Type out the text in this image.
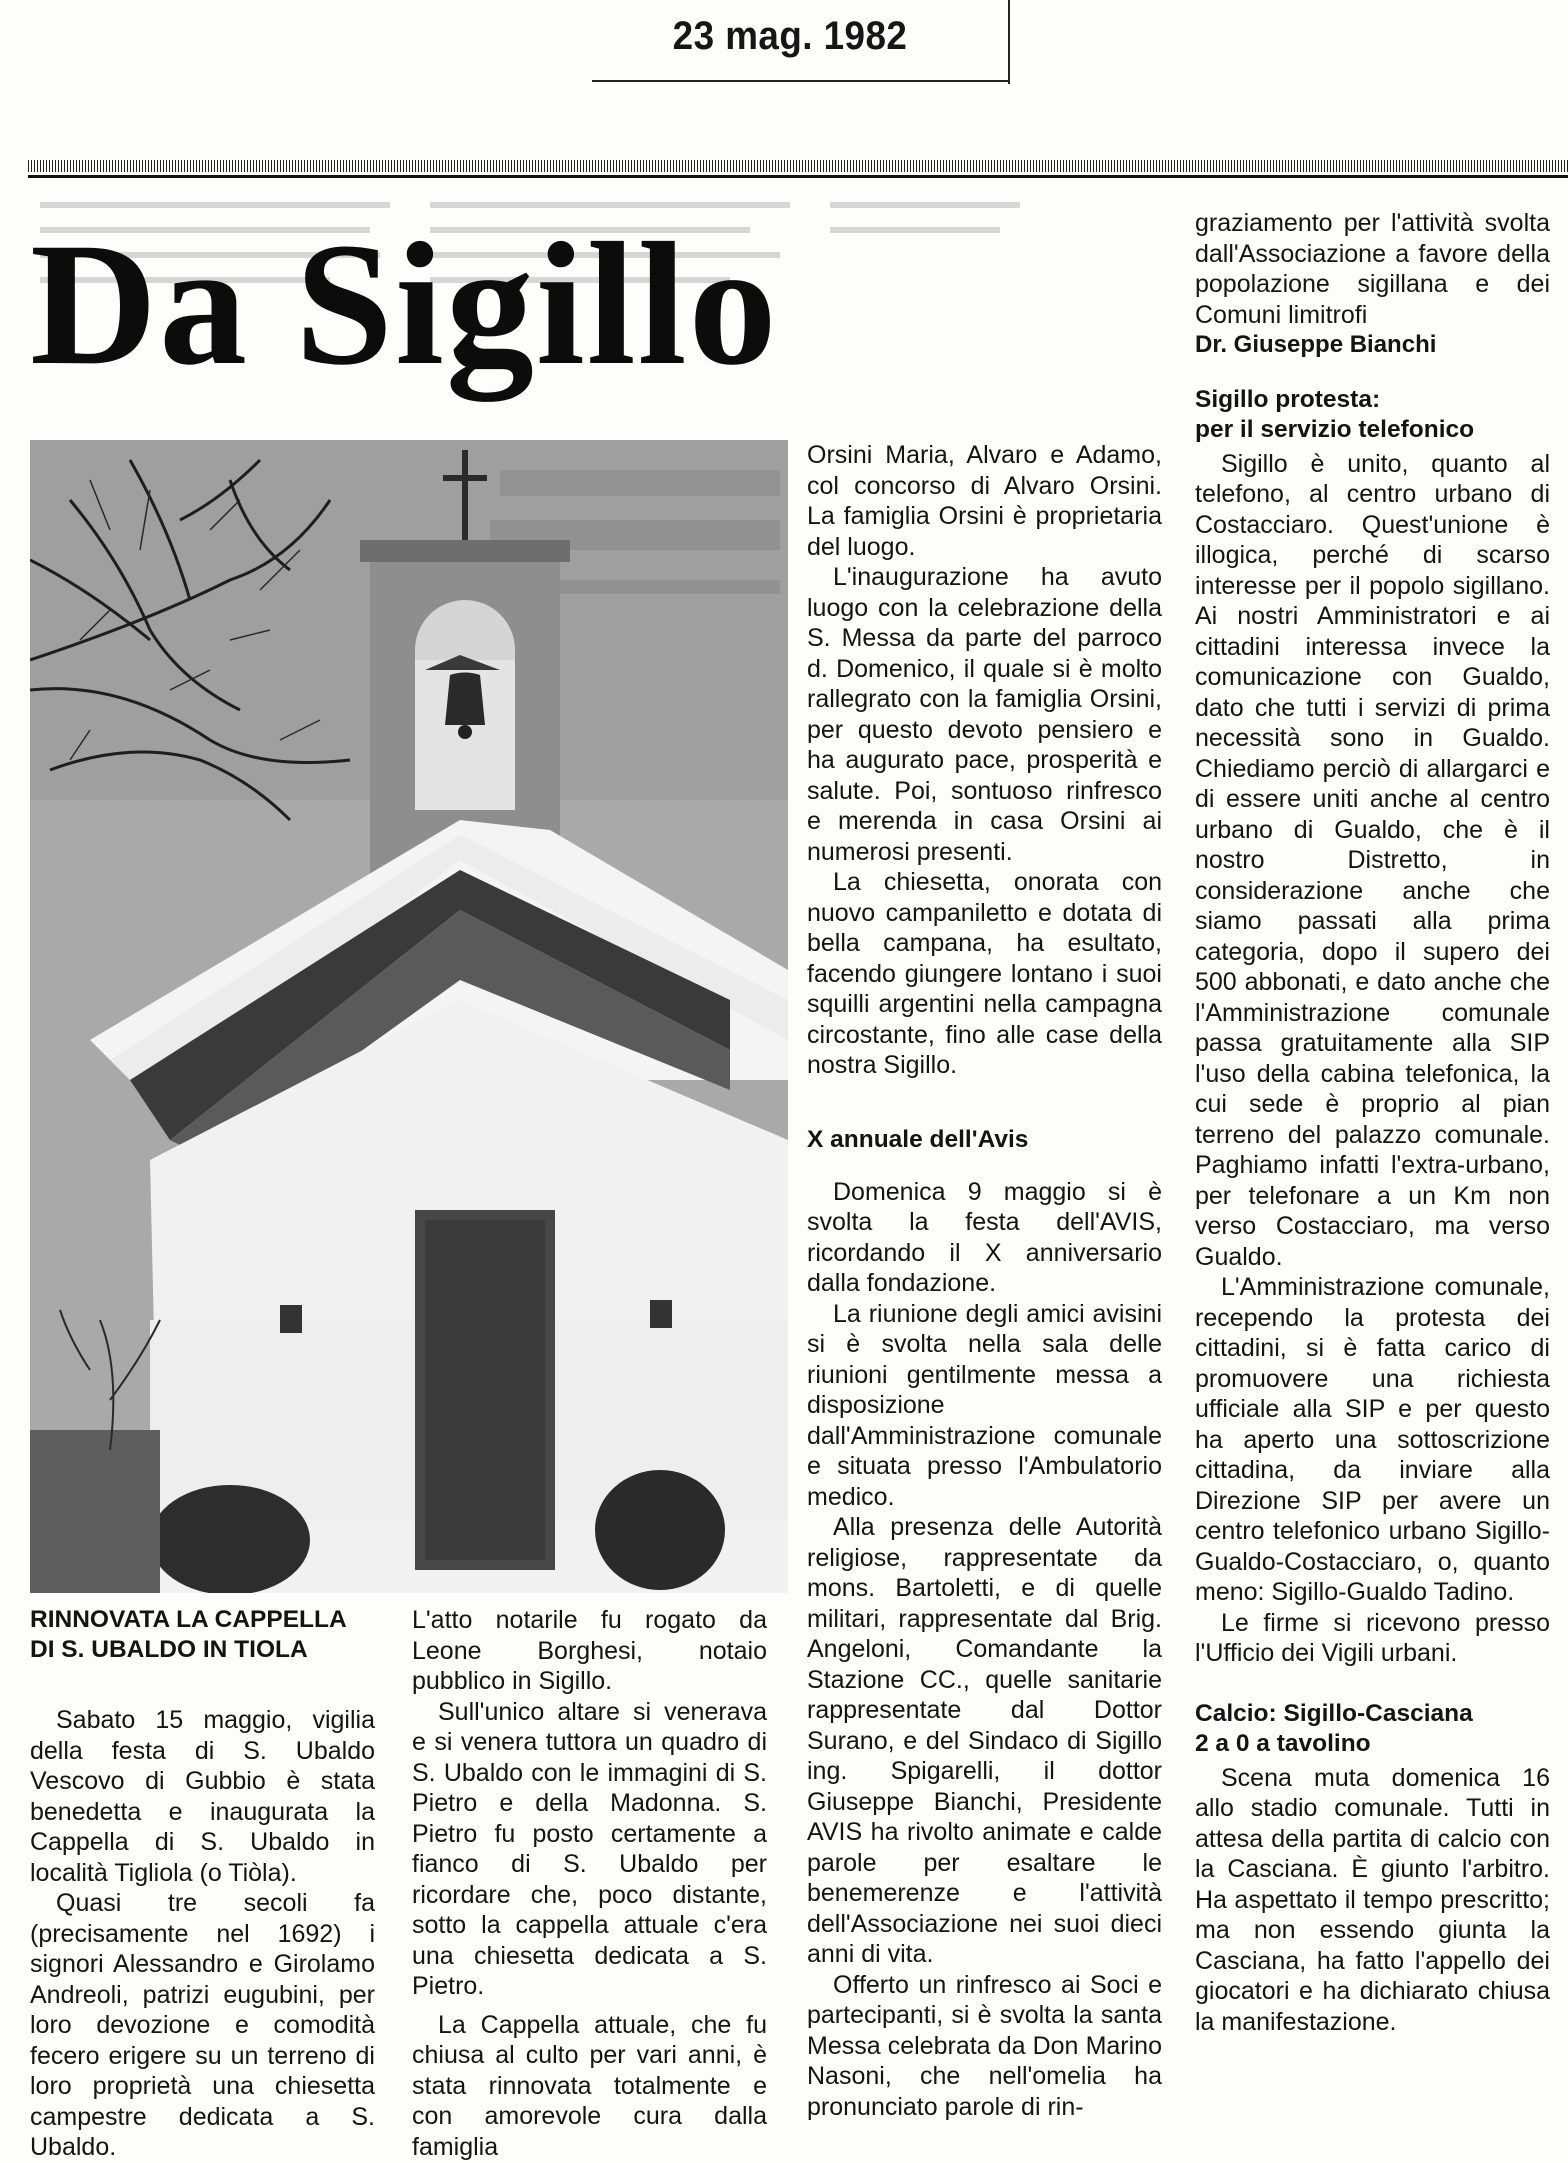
23 mag. 1982
Da Sigillo

RINNOVATA LA CAPPELLA

DI S. UBALDO IN TIOLA

Sabato 15 maggio, vigilia della festa di S. Ubaldo Vescovo di Gubbio è stata benedetta e inaugurata la Cappella di S. Ubaldo in località Tigliola (o Tiòla).

Quasi tre secoli fa (precisamente nel 1692) i signori Alessandro e Girolamo Andreoli, patrizi eugubini, per loro devozione e comodità fecero erigere su un terreno di loro proprietà una chiesetta campestre dedicata a S. Ubaldo.

L'atto notarile fu rogato da Leone Borghesi, notaio pubblico in Sigillo.

Sull'unico altare si venerava e si venera tuttora un quadro di S. Ubaldo con le immagini di S. Pietro e della Madonna. S. Pietro fu posto certamente a fianco di S. Ubaldo per ricordare che, poco distante, sotto la cappella attuale c'era una chiesetta dedicata a S. Pietro.

La Cappella attuale, che fu chiusa al culto per vari anni, è stata rinnovata totalmente e con amorevole cura dalla famiglia

Orsini Maria, Alvaro e Adamo, col concorso di Alvaro Orsini. La famiglia Orsini è proprietaria del luogo.

L'inaugurazione ha avuto luogo con la celebrazione della S. Messa da parte del parroco d. Domenico, il quale si è molto rallegrato con la famiglia Orsini, per questo devoto pensiero e ha augurato pace, prosperità e salute. Poi, sontuoso rinfresco e merenda in casa Orsini ai numerosi presenti.

La chiesetta, onorata con nuovo campaniletto e dotata di bella campana, ha esultato, facendo giungere lontano i suoi squilli argentini nella campagna circostante, fino alle case della nostra Sigillo.

X annuale dell'Avis

Domenica 9 maggio si è svolta la festa dell'AVIS, ricordando il X anniversario dalla fondazione.

La riunione degli amici avisini si è svolta nella sala delle riunioni gentilmente messa a disposizione dall'Amministrazione comunale e situata presso l'Ambulatorio medico.

Alla presenza delle Autorità religiose, rappresentate da mons. Bartoletti, e di quelle militari, rappresentate dal Brig. Angeloni, Comandante la Stazione CC., quelle sanitarie rappresentate dal Dottor Surano, e del Sindaco di Sigillo ing. Spigarelli, il dottor Giuseppe Bianchi, Presidente AVIS ha rivolto animate e calde parole per esaltare le benemerenze e l'attività dell'Associazione nei suoi dieci anni di vita.

Offerto un rinfresco ai Soci e partecipanti, si è svolta la santa Messa celebrata da Don Marino Nasoni, che nell'omelia ha pronunciato parole di rin-

graziamento per l'attività svolta dall'Associazione a favore della popolazione sigillana e dei Comuni limitrofi

Dr. Giuseppe Bianchi

Sigillo protesta:

per il servizio telefonico

Sigillo è unito, quanto al telefono, al centro urbano di Costacciaro. Quest'unione è illogica, perché di scarso interesse per il popolo sigillano. Ai nostri Amministratori e ai cittadini interessa invece la comunicazione con Gualdo, dato che tutti i servizi di prima necessità sono in Gualdo. Chiediamo perciò di allargarci e di essere uniti anche al centro urbano di Gualdo, che è il nostro Distretto, in considerazione anche che siamo passati alla prima categoria, dopo il supero dei 500 abbonati, e dato anche che l'Amministrazione comunale passa gratuitamente alla SIP l'uso della cabina telefonica, la cui sede è proprio al pian terreno del palazzo comunale. Paghiamo infatti l'extra-urbano, per telefonare a un Km non verso Costacciaro, ma verso Gualdo.

L'Amministrazione comunale, recependo la protesta dei cittadini, si è fatta carico di promuovere una richiesta ufficiale alla SIP e per questo ha aperto una sottoscrizione cittadina, da inviare alla Direzione SIP per avere un centro telefonico urbano Sigillo-Gualdo-Costacciaro, o, quanto meno: Sigillo-Gualdo Tadino.

Le firme si ricevono presso l'Ufficio dei Vigili urbani.

Calcio: Sigillo-Casciana

2 a 0 a tavolino

Scena muta domenica 16 allo stadio comunale. Tutti in attesa della partita di calcio con la Casciana. È giunto l'arbitro. Ha aspettato il tempo prescritto; ma non essendo giunta la Casciana, ha fatto l'appello dei giocatori e ha dichiarato chiusa la manifestazione.
